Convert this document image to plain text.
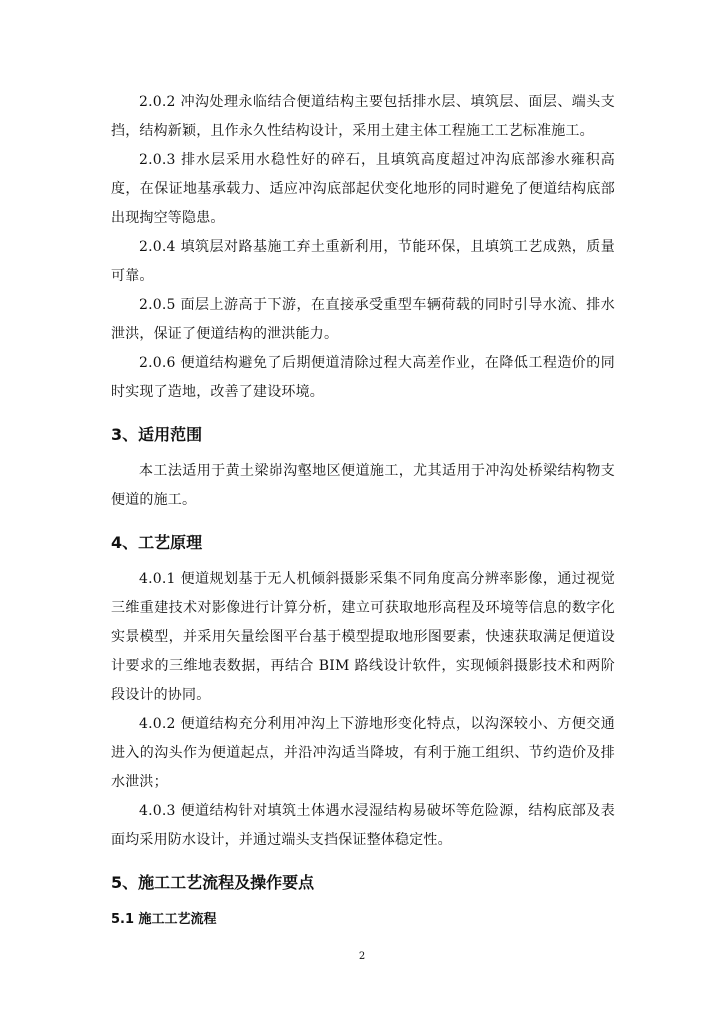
2.0.2 冲沟处理永临结合便道结构主要包括排水层、填筑层、面层、端头支挡，结构新颖，且作永久性结构设计，采用土建主体工程施工工艺标准施工。

2.0.3 排水层采用水稳性好的碎石，且填筑高度超过冲沟底部渗水雍积高度，在保证地基承载力、适应冲沟底部起伏变化地形的同时避免了便道结构底部出现掏空等隐患。

2.0.4 填筑层对路基施工弃土重新利用，节能环保，且填筑工艺成熟，质量可靠。

2.0.5 面层上游高于下游，在直接承受重型车辆荷载的同时引导水流、排水泄洪，保证了便道结构的泄洪能力。

2.0.6 便道结构避免了后期便道清除过程大高差作业，在降低工程造价的同时实现了造地，改善了建设环境。

3、适用范围

本工法适用于黄土梁峁沟壑地区便道施工，尤其适用于冲沟处桥梁结构物支便道的施工。

4、工艺原理

4.0.1 便道规划基于无人机倾斜摄影采集不同角度高分辨率影像，通过视觉三维重建技术对影像进行计算分析，建立可获取地形高程及环境等信息的数字化实景模型，并采用矢量绘图平台基于模型提取地形图要素，快速获取满足便道设计要求的三维地表数据，再结合 BIM 路线设计软件，实现倾斜摄影技术和两阶段设计的协同。

4.0.2 便道结构充分利用冲沟上下游地形变化特点，以沟深较小、方便交通进入的沟头作为便道起点，并沿冲沟适当降坡，有利于施工组织、节约造价及排水泄洪；

4.0.3 便道结构针对填筑土体遇水浸湿结构易破坏等危险源，结构底部及表面均采用防水设计，并通过端头支挡保证整体稳定性。

5、施工工艺流程及操作要点
5.1 施工工艺流程
2
